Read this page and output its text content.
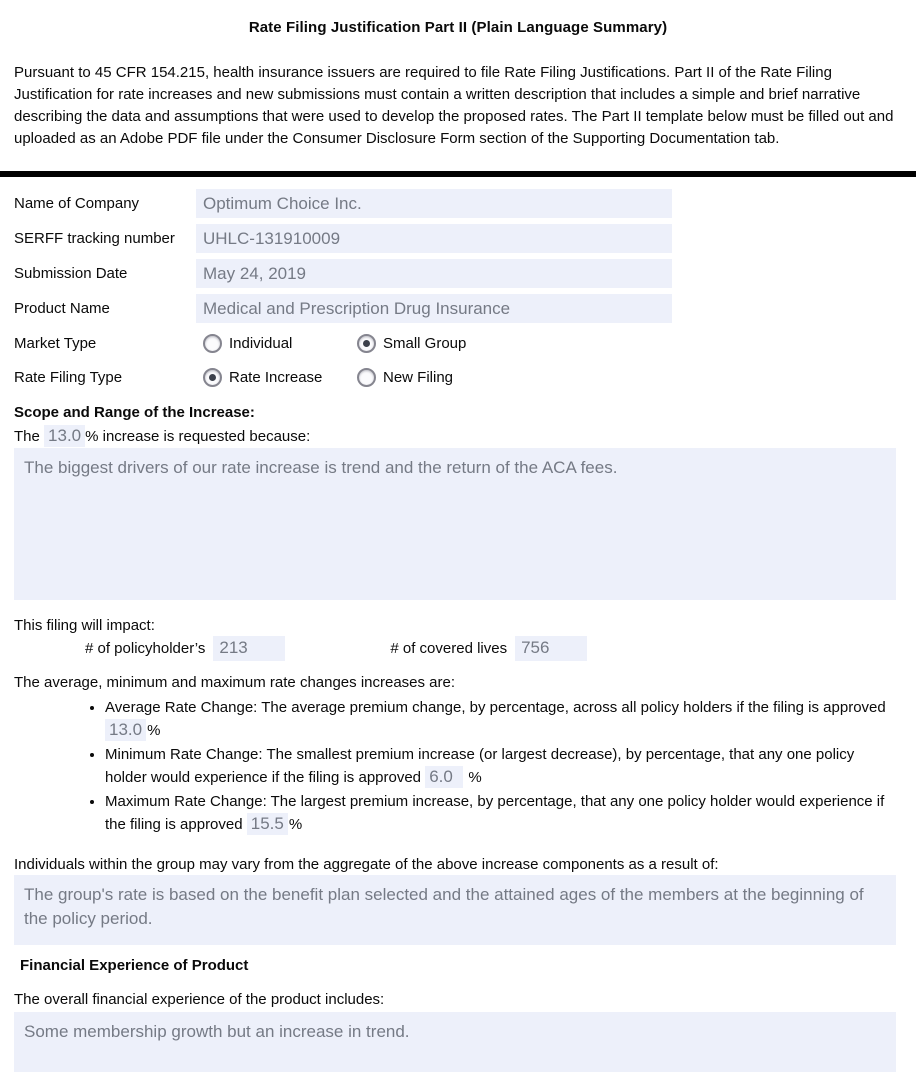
Rate Filing Justification Part II (Plain Language Summary)
Pursuant to 45 CFR 154.215, health insurance issuers are required to file Rate Filing Justifications. Part II of the Rate Filing Justification for rate increases and new submissions must contain a written description that includes a simple and brief narrative describing the data and assumptions that were used to develop the proposed rates. The Part II template below must be filled out and uploaded as an Adobe PDF file under the Consumer Disclosure Form section of the Supporting Documentation tab.
Name of Company	Optimum Choice Inc.
SERFF tracking number	UHLC-131910009
Submission Date	May 24, 2019
Product Name	Medical and Prescription Drug Insurance
Market Type	Individual	Small Group
Rate Filing Type	Rate Increase	New Filing
Scope and Range of the Increase:
The 13.0 % increase is requested because:
The biggest drivers of our rate increase is trend and the return of the ACA fees.
This filing will impact:
# of policyholder’s 213	# of covered lives 756
The average, minimum and maximum rate changes increases are:
• Average Rate Change: The average premium change, by percentage, across all policy holders if the filing is approved 13.0 %
• Minimum Rate Change: The smallest premium increase (or largest decrease), by percentage, that any one policy holder would experience if the filing is approved 6.0 %
• Maximum Rate Change: The largest premium increase, by percentage, that any one policy holder would experience if the filing is approved 15.5 %
Individuals within the group may vary from the aggregate of the above increase components as a result of:
The group's rate is based on the benefit plan selected and the attained ages of the members at the beginning of the policy period.
Financial Experience of Product
The overall financial experience of the product includes:
Some membership growth but an increase in trend.
